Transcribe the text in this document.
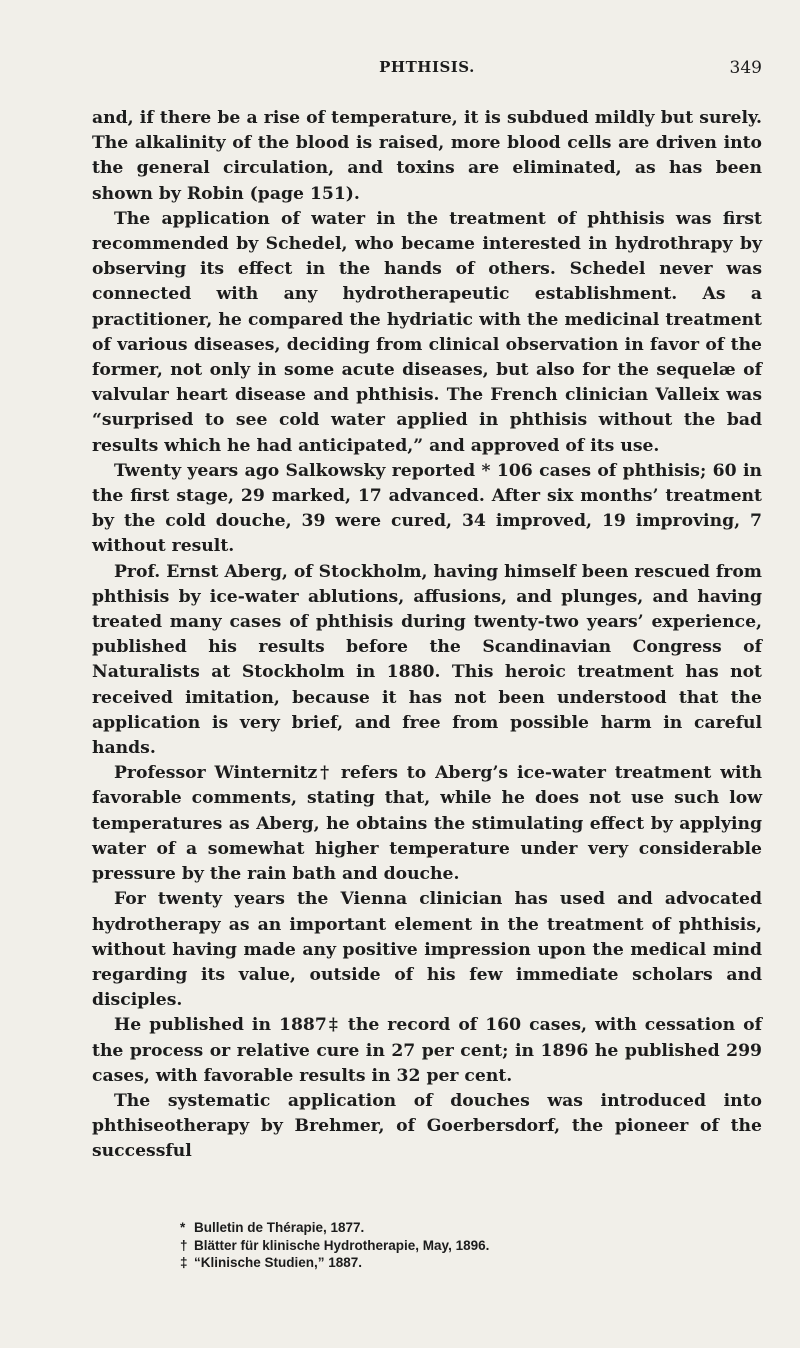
PHTHISIS.	349

and, if there be a rise of temperature, it is subdued mildly but surely. The alkalinity of the blood is raised, more blood cells are driven into the general circulation, and toxins are eliminated, as has been shown by Robin (page 151).

The application of water in the treatment of phthisis was first recommended by Schedel, who became interested in hydrothrapy by observing its effect in the hands of others. Schedel never was connected with any hydrotherapeutic establishment. As a practitioner, he compared the hydriatic with the medicinal treatment of various diseases, deciding from clinical observation in favor of the former, not only in some acute diseases, but also for the sequelæ of valvular heart disease and phthisis. The French clinician Valleix was “surprised to see cold water applied in phthisis without the bad results which he had anticipated,” and approved of its use.

Twenty years ago Salkowsky reported * 106 cases of phthisis; 60 in the first stage, 29 marked, 17 advanced. After six months’ treatment by the cold douche, 39 were cured, 34 improved, 19 improving, 7 without result.

Prof. Ernst Aberg, of Stockholm, having himself been rescued from phthisis by ice-water ablutions, affusions, and plunges, and having treated many cases of phthisis during twenty-two years’ experience, published his results before the Scandinavian Congress of Naturalists at Stockholm in 1880. This heroic treatment has not received imitation, because it has not been understood that the application is very brief, and free from possible harm in careful hands.

Professor Winternitz† refers to Aberg’s ice-water treatment with favorable comments, stating that, while he does not use such low temperatures as Aberg, he obtains the stimulating effect by applying water of a somewhat higher temperature under very considerable pressure by the rain bath and douche.

For twenty years the Vienna clinician has used and advocated hydrotherapy as an important element in the treatment of phthisis, without having made any positive impression upon the medical mind regarding its value, outside of his few immediate scholars and disciples.

He published in 1887‡ the record of 160 cases, with cessation of the process or relative cure in 27 per cent; in 1896 he published 299 cases, with favorable results in 32 per cent.

The systematic application of douches was introduced into phthiseotherapy by Brehmer, of Goerbersdorf, the pioneer of the successful

* Bulletin de Thérapie, 1877.
† Blätter für klinische Hydrotherapie, May, 1896.
‡ “Klinische Studien,” 1887.
